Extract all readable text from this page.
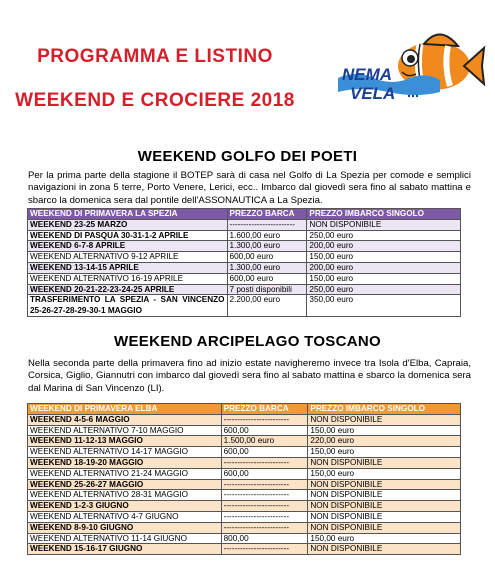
PROGRAMMA E LISTINO
WEEKEND E CROCIERE 2018
NEMA
VELA
WEEKEND GOLFO DEI POETI
Per la prima parte della stagione il BOTEP sarà di casa nel Golfo di La Spezia per comode e semplici navigazioni in zona 5 terre, Porto Venere, Lerici, ecc.. Imbarco dal giovedì sera fino al sabato mattina e sbarco la domenica sera dal pontile dell'ASSONAUTICA a La Spezia.
WEEKEND DI PRIMAVERA LA SPEZIA	PREZZO BARCA	PREZZO IMBARCO SINGOLO
WEEKEND 23-25 MARZO	------------------------	NON DISPONIBILE
WEEKEND DI PASQUA 30-31-1-2 APRILE	1.600,00 euro	250,00 euro
WEEKEND 6-7-8 APRILE	1.300,00 euro	200,00 euro
WEEKEND ALTERNATIVO 9-12 APRILE	600,00 euro	150,00 euro
WEEKEND 13-14-15 APRILE	1.300,00 euro	200,00 euro
WEEKEND ALTERNATIVO 16-19 APRILE	600,00 euro	150,00 euro
WEEKEND 20-21-22-23-24-25 APRILE	7 posti disponibili	250,00 euro
TRASFERIMENTO LA SPEZIA - SAN VINCENZO 25-26-27-28-29-30-1 MAGGIO	2.200,00 euro	350,00 euro
WEEKEND ARCIPELAGO TOSCANO
Nella seconda parte della primavera fino ad inizio estate navigheremo invece tra Isola d'Elba, Capraia, Corsica, Giglio, Giannutri con imbarco dal giovedì sera fino al sabato mattina e sbarco la domenica sera dal Marina di San Vincenzo (LI).
WEEKEND DI PRIMAVERA ELBA	PREZZO BARCA	PREZZO IMBARCO SINGOLO
WEEKEND 4-5-6 MAGGIO	------------------------	NON DISPONIBILE
WEEKEND ALTERNATIVO 7-10 MAGGIO	600,00	150,00 euro
WEEKEND 11-12-13 MAGGIO	1.500,00 euro	220,00 euro
WEEKEND ALTERNATIVO 14-17 MAGGIO	600,00	150,00 euro
WEEKEND 18-19-20 MAGGIO	------------------------	NON DISPONIBILE
WEEKEND ALTERNATIVO 21-24 MAGGIO	600,00	150,00 euro
WEEKEND 25-26-27 MAGGIO	------------------------	NON DISPONIBILE
WEEKEND ALTERNATIVO 28-31 MAGGIO	------------------------	NON DISPONIBILE
WEEKEND 1-2-3 GIUGNO	------------------------	NON DISPONIBILE
WEEKEND ALTERNATIVO 4-7 GIUGNO	------------------------	NON DISPONIBILE
WEEKEND 8-9-10 GIUGNO	------------------------	NON DISPONIBILE
WEEKEND ALTERNATIVO 11-14 GIUGNO	800,00	150,00 euro
WEEKEND 15-16-17 GIUGNO	------------------------	NON DISPONIBILE
